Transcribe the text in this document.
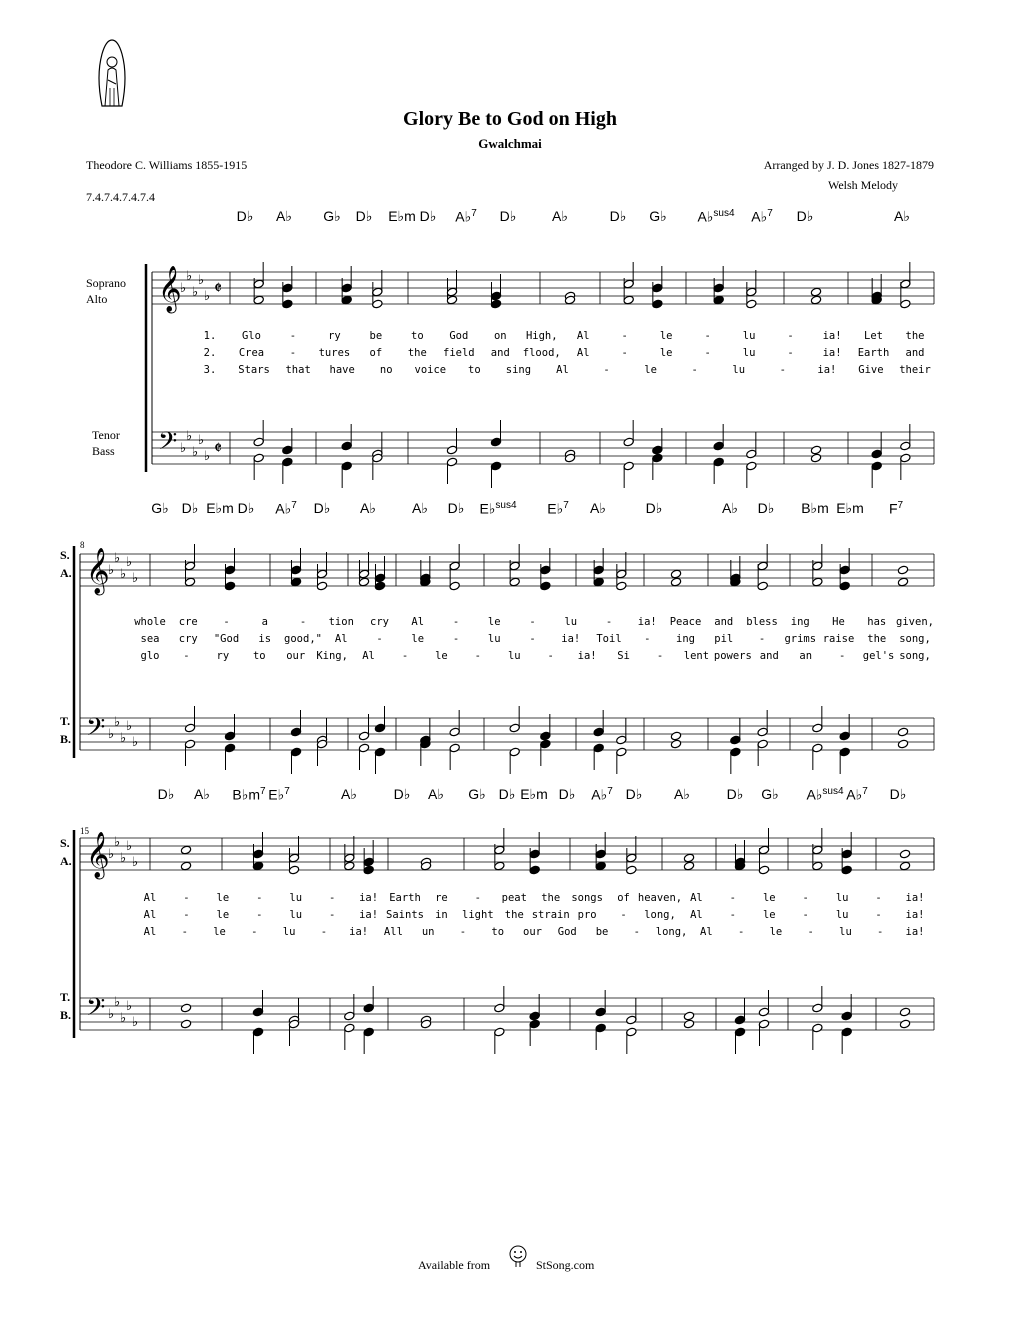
Glory Be to God on High
Gwalchmai
Theodore C. Williams 1855-1915
7.4.7.4.7.4.7.4
Arranged by J. D. Jones 1827-1879
Welsh Melody
Soprano
Alto
Tenor
Bass
S.
A.
T.
B.
S.
A.
T.
B.
8
15
𝄞
𝄢
♭
♭
♭
♭
♭
♭
♭
♭
♭
♭
𝄵
𝄵
𝄞
𝄢
♭
♭
♭
♭
♭
♭
♭
♭
♭
♭
𝄞
𝄢
♭
♭
♭
♭
♭
♭
♭
♭
♭
♭
D♭ A♭ G♭ D♭ E♭m D♭ A♭$^7$ D♭	A♭	D♭ G♭ A♭$^{sus4}$ A♭$^7$ D♭	A♭
G♭ D♭ E♭m D♭ A♭$^7$ D♭ A♭	A♭ D♭ E♭$^{sus4}$ E♭$^7$ A♭	D♭	A♭ D♭ B♭m E♭m $F^7$
D♭ A♭ $B♭m^7$ E♭$^7$	A♭	D♭ A♭ G♭ D♭ E♭m D♭ A♭$^7$ D♭ A♭	D♭ G♭ A♭$^{sus4}$ A♭$^7$ D♭
1. Glo	-	ry	be	to God on High, Al	-	le	-	lu	-	ia! Let the
2. Crea - tures of the field and flood, Al	-	le	-	lu	-	ia! Earth and
3. Stars that have no voice to sing Al	-	le	-	lu	-	ia! Give their
whole cre -	a	- tion cry Al	-	le	-	lu	- ia! Peace and bless ing He has given,
sea cry "God is good," Al	-	le	-	lu	- ia! Toil - ing pil - grims raise the song,
glo -	ry to our King, Al	-	le	-	lu	- ia! Si	- lent powers and an	- gel's song,
Al	-	le	-	lu	- ia! Earth re	- peat the songs of heaven, Al	-	le	-	lu	- ia!
Al	-	le	-	lu	- ia! Saints in light the strain pro - long, Al	-	le	-	lu	- ia!
Al - le - lu - ia! All un - to our God be - long, Al - le - lu - ia!
Available from	StSong.com
